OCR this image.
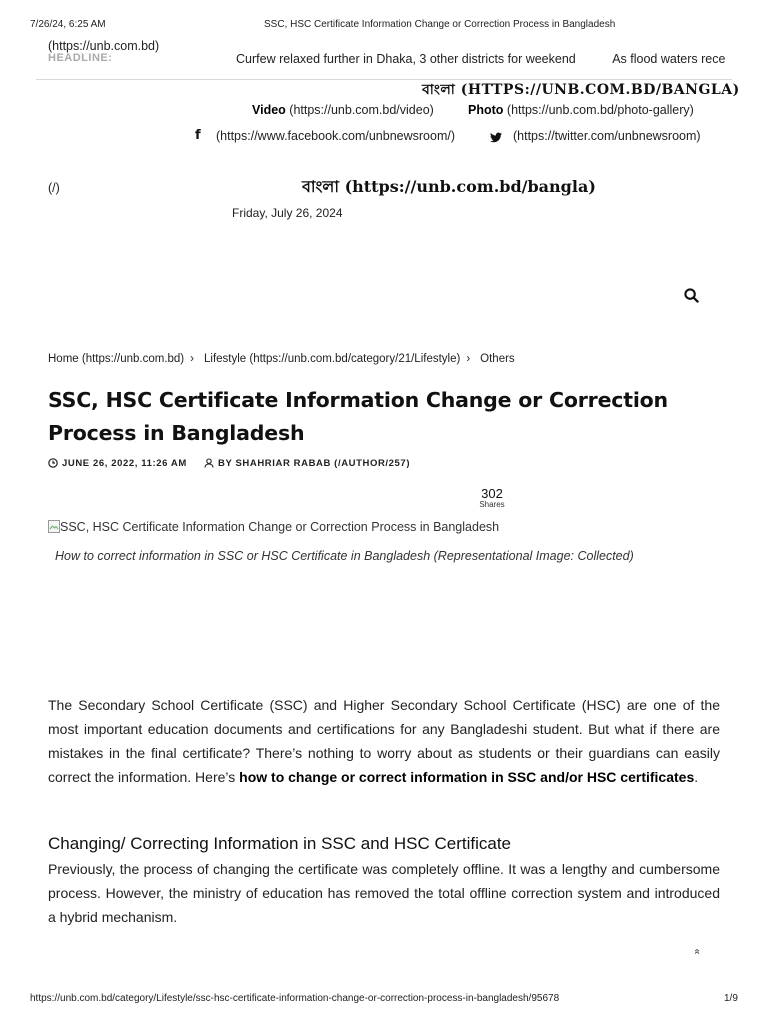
7/26/24, 6:25 AM	SSC, HSC Certificate Information Change or Correction Process in Bangladesh
(https://unb.com.bd)
HEADLINE:	Curfew relaxed further in Dhaka, 3 other districts for weekend	As flood waters rece
বাংলা (HTTPS://UNB.COM.BD/BANGLA)
Video (https://unb.com.bd/video)	Photo (https://unb.com.bd/photo-gallery)
f (https://www.facebook.com/unbnewsroom/)	(https://twitter.com/unbnewsroom)
(/)	বাংলা (https://unb.com.bd/bangla)
Friday, July 26, 2024
Home (https://unb.com.bd) › Lifestyle (https://unb.com.bd/category/21/Lifestyle) › Others
SSC, HSC Certificate Information Change or Correction Process in Bangladesh
JUNE 26, 2022, 11:26 AM	BY SHAHRIAR RABAB (/AUTHOR/257)
302
Shares
SSC, HSC Certificate Information Change or Correction Process in Bangladesh
How to correct information in SSC or HSC Certificate in Bangladesh (Representational Image: Collected)

The Secondary School Certificate (SSC) and Higher Secondary School Certificate (HSC) are one of the most important education documents and certifications for any Bangladeshi student. But what if there are mistakes in the final certificate? There’s nothing to worry about as students or their guardians can easily correct the information. Here’s how to change or correct information in SSC and/or HSC certificates.

Changing/ Correcting Information in SSC and HSC Certificate

Previously, the process of changing the certificate was completely offline. It was a lengthy and cumbersome process. However, the ministry of education has removed the total offline correction system and introduced a hybrid mechanism.

»
https://unb.com.bd/category/Lifestyle/ssc-hsc-certificate-information-change-or-correction-process-in-bangladesh/95678	1/9
